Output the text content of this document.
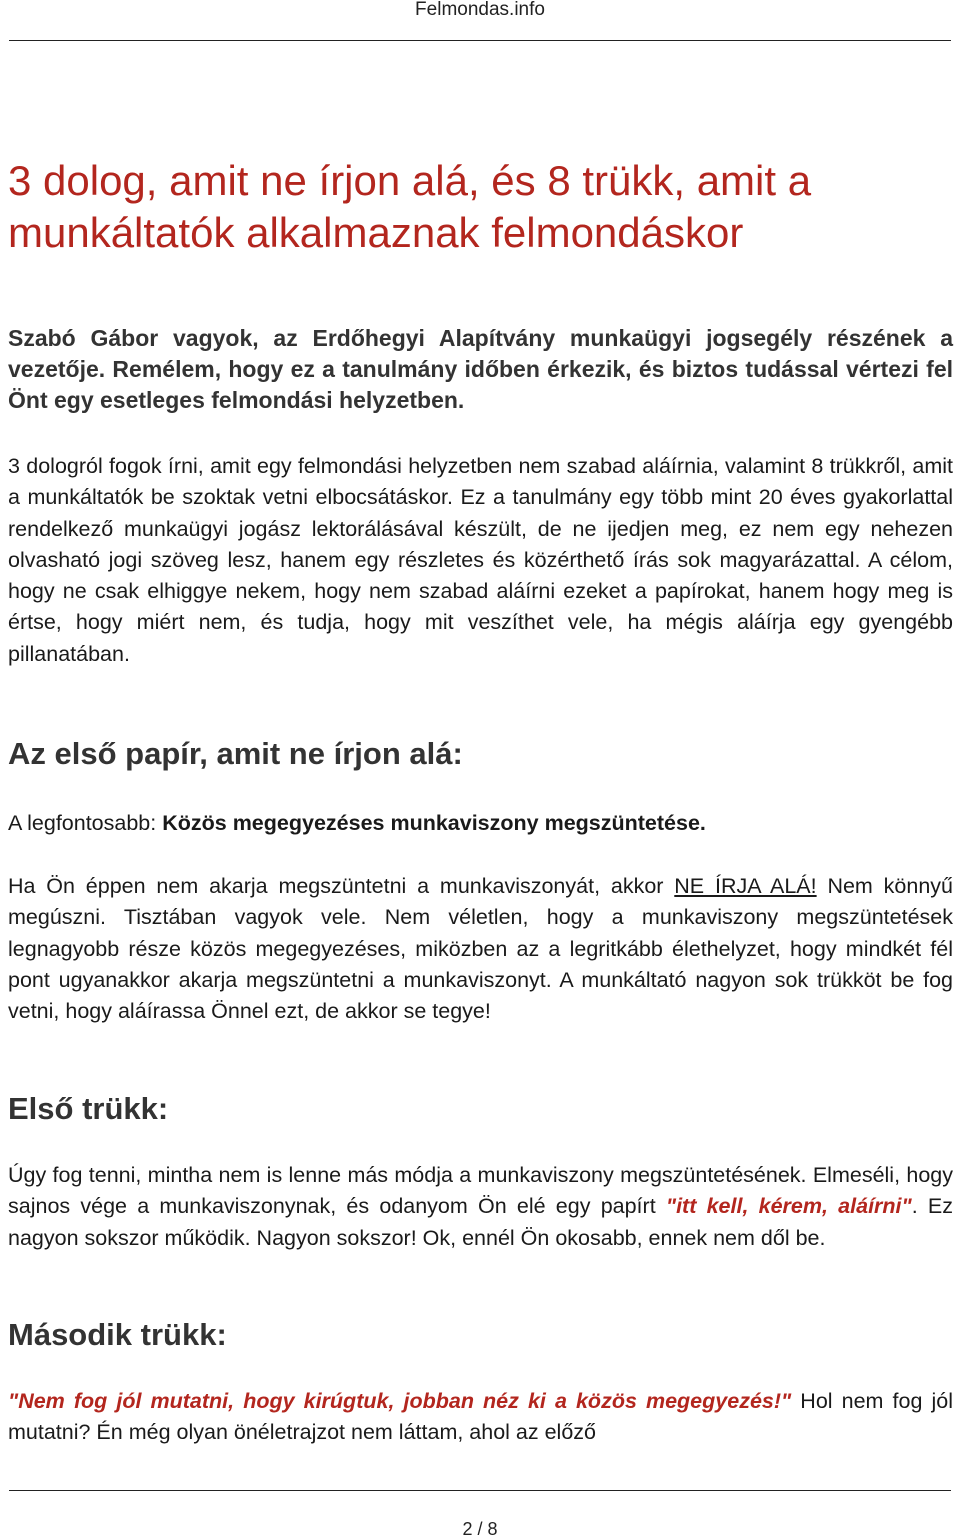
Felmondas.info
3 dolog, amit ne írjon alá, és 8 trükk, amit a munkáltatók alkalmaznak felmondáskor

Szabó Gábor vagyok, az Erdőhegyi Alapítvány munkaügyi jogsegély részének a vezetője. Remélem, hogy ez a tanulmány időben érkezik, és biztos tudással vértezi fel Önt egy esetleges felmondási helyzetben.

3 dologról fogok írni, amit egy felmondási helyzetben nem szabad aláírnia, valamint 8 trükkről, amit a munkáltatók be szoktak vetni elbocsátáskor. Ez a tanulmány egy több mint 20 éves gyakorlattal rendelkező munkaügyi jogász lektorálásával készült, de ne ijedjen meg, ez nem egy nehezen olvasható jogi szöveg lesz, hanem egy részletes és közérthető írás sok magyarázattal. A célom, hogy ne csak elhiggye nekem, hogy nem szabad aláírni ezeket a papírokat, hanem hogy meg is értse, hogy miért nem, és tudja, hogy mit veszíthet vele, ha mégis aláírja egy gyengébb pillanatában.

Az első papír, amit ne írjon alá:

A legfontosabb: Közös megegyezéses munkaviszony megszüntetése.

Ha Ön éppen nem akarja megszüntetni a munkaviszonyát, akkor NE ÍRJA ALÁ! Nem könnyű megúszni. Tisztában vagyok vele. Nem véletlen, hogy a munkaviszony megszüntetések legnagyobb része közös megegyezéses, miközben az a legritkább élethelyzet, hogy mindkét fél pont ugyanakkor akarja megszüntetni a munkaviszonyt. A munkáltató nagyon sok trükköt be fog vetni, hogy aláírassa Önnel ezt, de akkor se tegye!

Első trükk:

Úgy fog tenni, mintha nem is lenne más módja a munkaviszony megszüntetésének. Elmeséli, hogy sajnos vége a munkaviszonynak, és odanyom Ön elé egy papírt "itt kell, kérem, aláírni". Ez nagyon sokszor működik. Nagyon sokszor! Ok, ennél Ön okosabb, ennek nem dől be.

Második trükk:

"Nem fog jól mutatni, hogy kirúgtuk, jobban néz ki a közös megegyezés!" Hol nem fog jól mutatni? Én még olyan önéletrajzot nem láttam, ahol az előző

2 / 8
